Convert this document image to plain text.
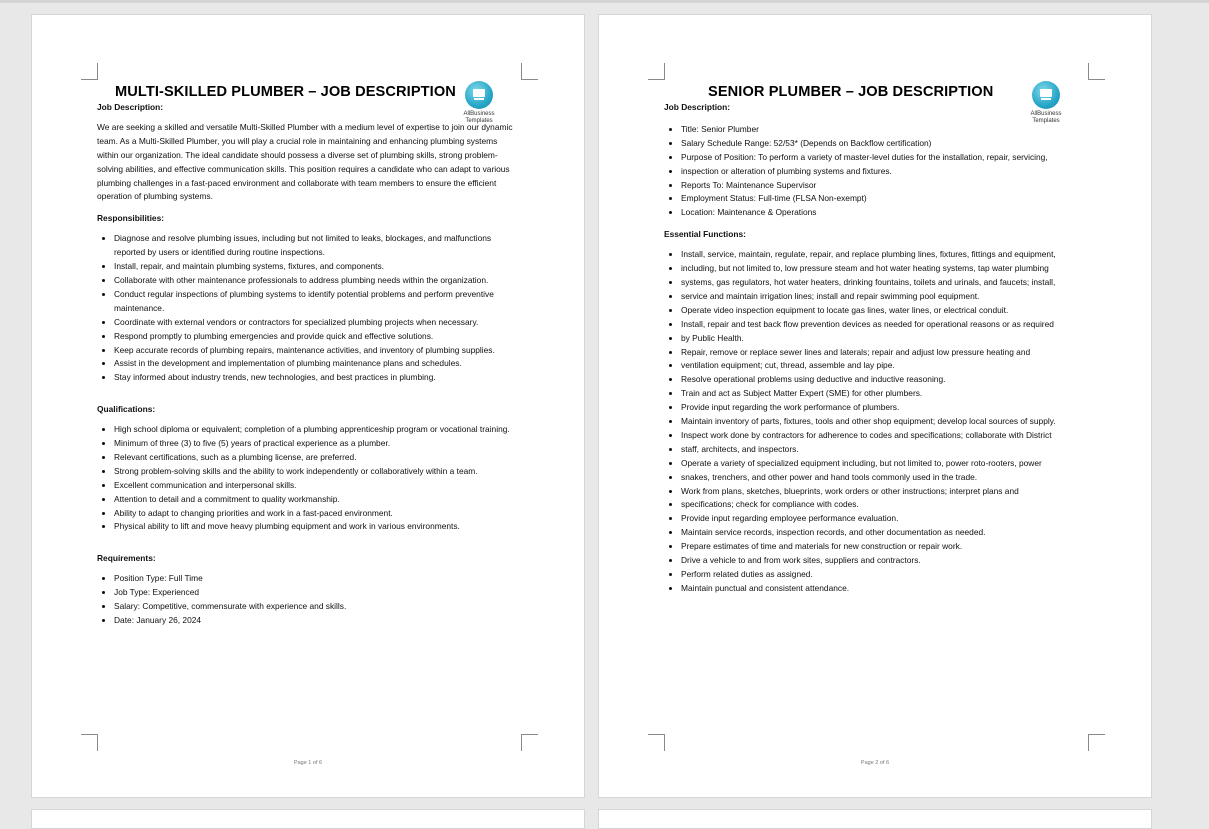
AllBusiness
Templates
MULTI-SKILLED PLUMBER – JOB DESCRIPTION

Job Description:

We are seeking a skilled and versatile Multi-Skilled Plumber with a medium level of expertise to join our dynamic team. As a Multi-Skilled Plumber, you will play a crucial role in maintaining and enhancing plumbing systems within our organization. The ideal candidate should possess a diverse set of plumbing skills, strong problem-solving abilities, and effective communication skills. This position requires a candidate who can adapt to various plumbing challenges in a fast-paced environment and collaborate with team members to ensure the efficient operation of plumbing systems.

Responsibilities:

• Diagnose and resolve plumbing issues, including but not limited to leaks, blockages, and malfunctions reported by users or identified during routine inspections.
• Install, repair, and maintain plumbing systems, fixtures, and components.
• Collaborate with other maintenance professionals to address plumbing needs within the organization.
• Conduct regular inspections of plumbing systems to identify potential problems and perform preventive maintenance.
• Coordinate with external vendors or contractors for specialized plumbing projects when necessary.
• Respond promptly to plumbing emergencies and provide quick and effective solutions.
• Keep accurate records of plumbing repairs, maintenance activities, and inventory of plumbing supplies.
• Assist in the development and implementation of plumbing maintenance plans and schedules.
• Stay informed about industry trends, new technologies, and best practices in plumbing.

Qualifications:

• High school diploma or equivalent; completion of a plumbing apprenticeship program or vocational training.
• Minimum of three (3) to five (5) years of practical experience as a plumber.
• Relevant certifications, such as a plumbing license, are preferred.
• Strong problem-solving skills and the ability to work independently or collaboratively within a team.
• Excellent communication and interpersonal skills.
• Attention to detail and a commitment to quality workmanship.
• Ability to adapt to changing priorities and work in a fast-paced environment.
• Physical ability to lift and move heavy plumbing equipment and work in various environments.

Requirements:

• Position Type: Full Time
• Job Type: Experienced
• Salary: Competitive, commensurate with experience and skills.
• Date: January 26, 2024
Page 1 of 6
AllBusiness
Templates
SENIOR PLUMBER – JOB DESCRIPTION

Job Description:

• Title: Senior Plumber
• Salary Schedule Range: 52/53* (Depends on Backflow certification)
• Purpose of Position: To perform a variety of master-level duties for the installation, repair, servicing,
• inspection or alteration of plumbing systems and fixtures.
• Reports To: Maintenance Supervisor
• Employment Status: Full-time (FLSA Non-exempt)
• Location: Maintenance & Operations

Essential Functions:

• Install, service, maintain, regulate, repair, and replace plumbing lines, fixtures, fittings and equipment,
• including, but not limited to, low pressure steam and hot water heating systems, tap water plumbing
• systems, gas regulators, hot water heaters, drinking fountains, toilets and urinals, and faucets; install,
• service and maintain irrigation lines; install and repair swimming pool equipment.
• Operate video inspection equipment to locate gas lines, water lines, or electrical conduit.
• Install, repair and test back flow prevention devices as needed for operational reasons or as required
• by Public Health.
• Repair, remove or replace sewer lines and laterals; repair and adjust low pressure heating and
• ventilation equipment; cut, thread, assemble and lay pipe.
• Resolve operational problems using deductive and inductive reasoning.
• Train and act as Subject Matter Expert (SME) for other plumbers.
• Provide input regarding the work performance of plumbers.
• Maintain inventory of parts, fixtures, tools and other shop equipment; develop local sources of supply.
• Inspect work done by contractors for adherence to codes and specifications; collaborate with District
• staff, architects, and inspectors.
• Operate a variety of specialized equipment including, but not limited to, power roto-rooters, power
• snakes, trenchers, and other power and hand tools commonly used in the trade.
• Work from plans, sketches, blueprints, work orders or other instructions; interpret plans and
• specifications; check for compliance with codes.
• Provide input regarding employee performance evaluation.
• Maintain service records, inspection records, and other documentation as needed.
• Prepare estimates of time and materials for new construction or repair work.
• Drive a vehicle to and from work sites, suppliers and contractors.
• Perform related duties as assigned.
• Maintain punctual and consistent attendance.
Page 2 of 6
